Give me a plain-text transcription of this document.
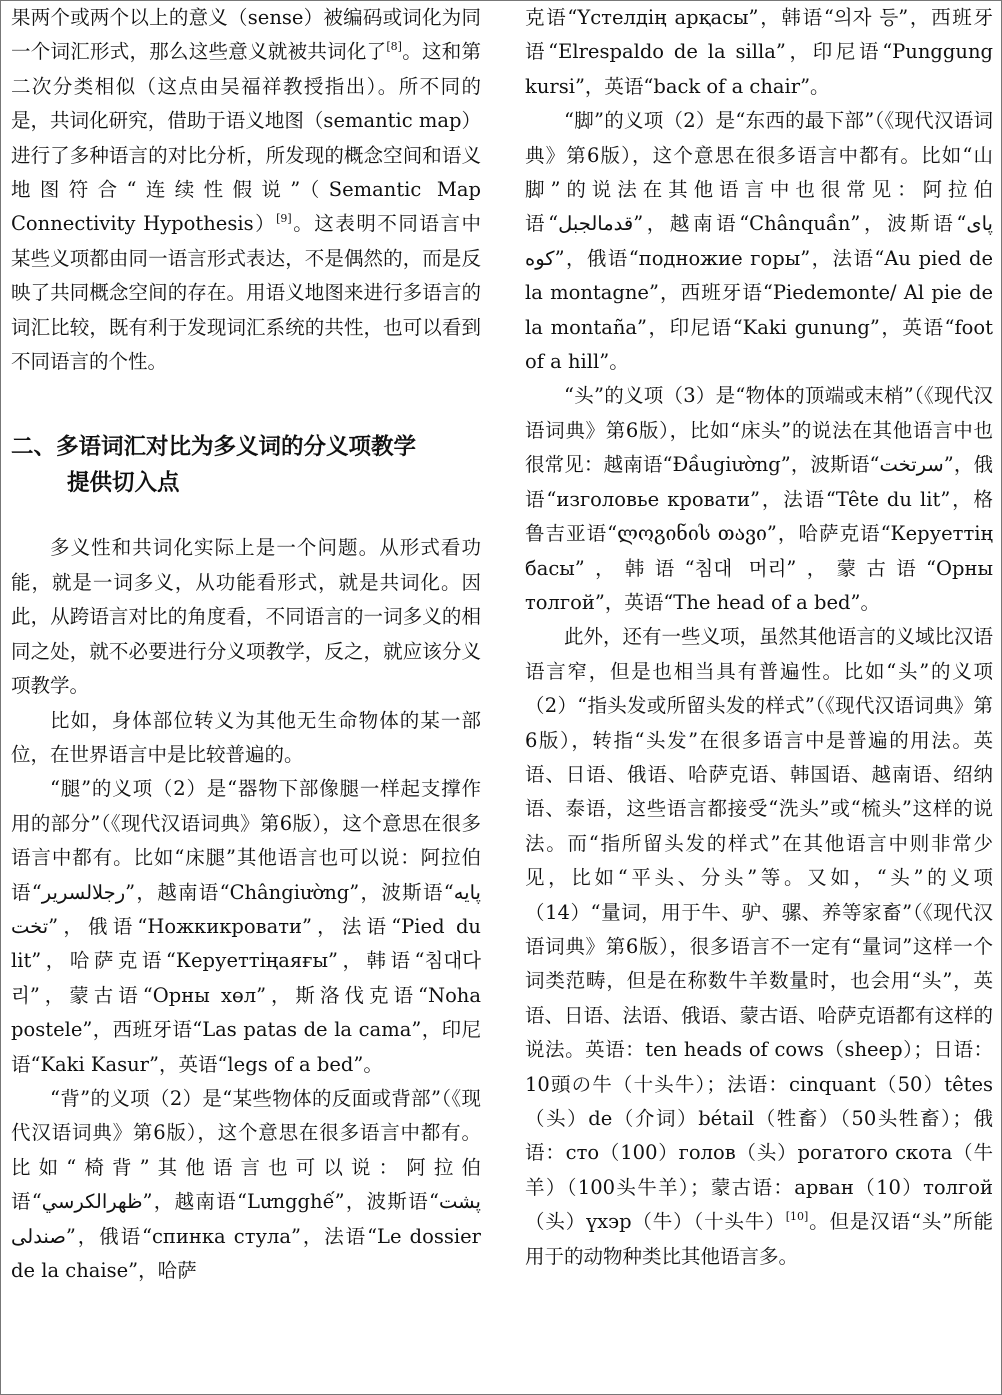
果两个或两个以上的意义（sense）被编码或词化为同一个词汇形式，那么这些意义就被共词化了[8]。这和第二次分类相似（这点由吴福祥教授指出）。所不同的是，共词化研究，借助于语义地图（semantic map）进行了多种语言的对比分析，所发现的概念空间和语义地图符合“连续性假说”（Semantic Map Connectivity Hypothesis）[9]。这表明不同语言中某些义项都由同一语言形式表达，不是偶然的，而是反映了共同概念空间的存在。用语义地图来进行多语言的词汇比较，既有利于发现词汇系统的共性，也可以看到不同语言的个性。

二、多语词汇对比为多义词的分义项教学
提供切入点

多义性和共词化实际上是一个问题。从形式看功能，就是一词多义，从功能看形式，就是共词化。因此，从跨语言对比的角度看，不同语言的一词多义的相同之处，就不必要进行分义项教学，反之，就应该分义项教学。

比如，身体部位转义为其他无生命物体的某一部位，在世界语言中是比较普遍的。

“腿”的义项（2）是“器物下部像腿一样起支撑作用的部分”（《现代汉语词典》第6版），这个意思在很多语言中都有。比如“床腿”其他语言也可以说：阿拉伯语“رجلالسرير”，越南语“Chângiường”，波斯语“پایه تخت”，俄语“Ножкикровати”，法语“Pied du lit”，哈萨克语“Керуеттіңаяғы”，韩语“침대다리”，蒙古语“Орны хөл”，斯洛伐克语“Noha postele”，西班牙语“Las patas de la cama”，印尼语“Kaki Kasur”，英语“legs of a bed”。

“背”的义项（2）是“某些物体的反面或背部”（《现代汉语词典》第6版），这个意思在很多语言中都有。比如“椅背”其他语言也可以说：阿拉伯语“ظهرالكرسي”，越南语“Lưngghế”，波斯语“پشت صندلی”，俄语“спинка стула”，法语“Le dossier de la chaise”，哈萨

克语“Үстелдің арқасы”，韩语“의자 등”，西班牙语“Elrespaldo de la silla”，印尼语“Punggung kursi”，英语“back of a chair”。

“脚”的义项（2）是“东西的最下部”（《现代汉语词典》第6版），这个意思在很多语言中都有。比如“山脚”的说法在其他语言中也很常见：阿拉伯语“قدمالجبل”，越南语“Chânquần”，波斯语“پای کوه”，俄语“подножие горы”，法语“Au pied de la montagne”，西班牙语“Piedemonte/ Al pie de la montaña”，印尼语“Kaki gunung”，英语“foot of a hill”。

“头”的义项（3）是“物体的顶端或末梢”（《现代汉语词典》第6版），比如“床头”的说法在其他语言中也很常见：越南语“Đầugiường”，波斯语“سرتخت”，俄语“изголовье кровати”，法语“Tête du lit”，格鲁吉亚语“ლოგინის თავი”，哈萨克语“Керуеттің басы”，韩语“침대 머리”，蒙古语“Орны толгой”，英语“The head of a bed”。

此外，还有一些义项，虽然其他语言的义域比汉语语言窄，但是也相当具有普遍性。比如“头”的义项（2）“指头发或所留头发的样式”（《现代汉语词典》第6版），转指“头发”在很多语言中是普遍的用法。英语、日语、俄语、哈萨克语、韩国语、越南语、绍纳语、泰语，这些语言都接受“洗头”或“梳头”这样的说法。而“指所留头发的样式”在其他语言中则非常少见，比如“平头、分头”等。又如，“头”的义项（14）“量词，用于牛、驴、骡、养等家畜”（《现代汉语词典》第6版），很多语言不一定有“量词”这样一个词类范畴，但是在称数牛羊数量时，也会用“头”，英语、日语、法语、俄语、蒙古语、哈萨克语都有这样的说法。英语：ten heads of cows（sheep）；日语：10頭の牛（十头牛）；法语：cinquant（50）têtes（头）de（介词）bétail（牲畜）（50头牲畜）；俄语：сто（100）голов（头）рогатого скота（牛羊）（100头牛羊）；蒙古语：арван（10）толгой（头）үхэр（牛）（十头牛）[10]。但是汉语“头”所能用于的动物种类比其他语言多。
